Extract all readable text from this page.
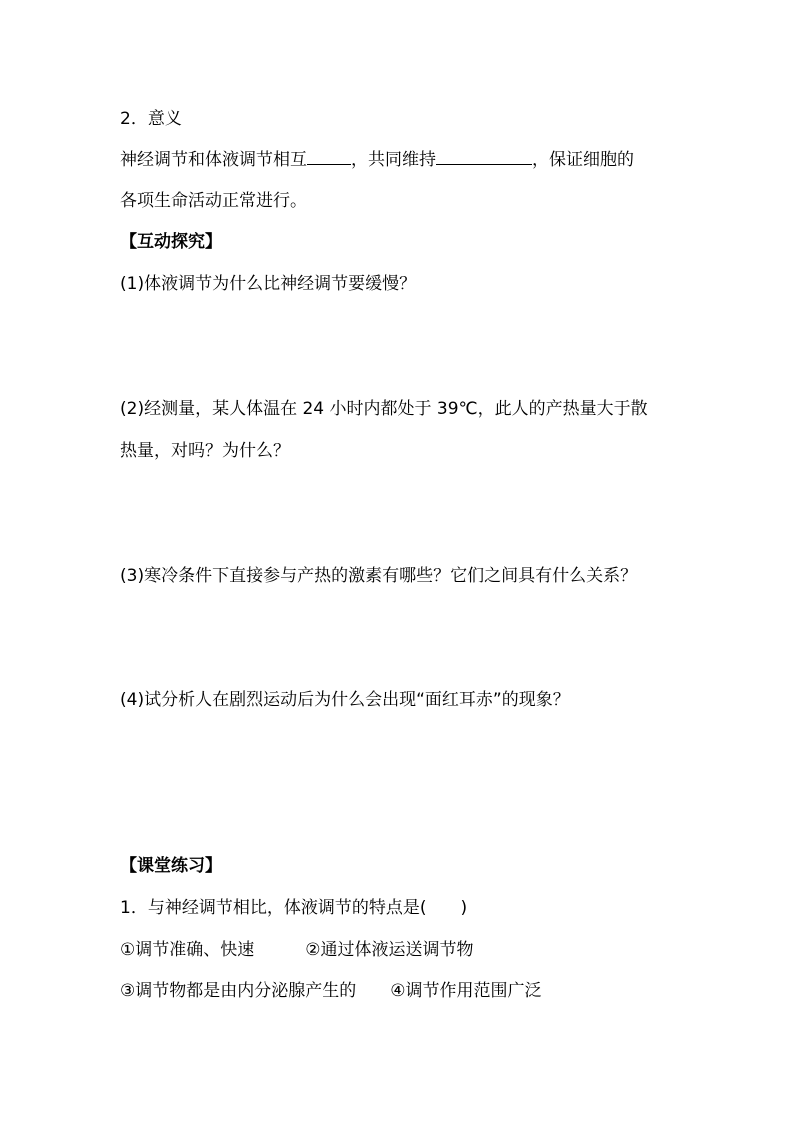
2．意义
神经调节和体液调节相互	，共同维持	，保证细胞的
各项生命活动正常进行。
【互动探究】
(1)体液调节为什么比神经调节要缓慢？
(2)经测量，某人体温在 24 小时内都处于 39℃，此人的产热量大于散
热量，对吗？为什么？
(3)寒冷条件下直接参与产热的激素有哪些？它们之间具有什么关系？
(4)试分析人在剧烈运动后为什么会出现“面红耳赤”的现象？
【课堂练习】
1．与神经调节相比，体液调节的特点是(　　)
①调节准确、快速　　　②通过体液运送调节物
③调节物都是由内分泌腺产生的　　④调节作用范围广泛
